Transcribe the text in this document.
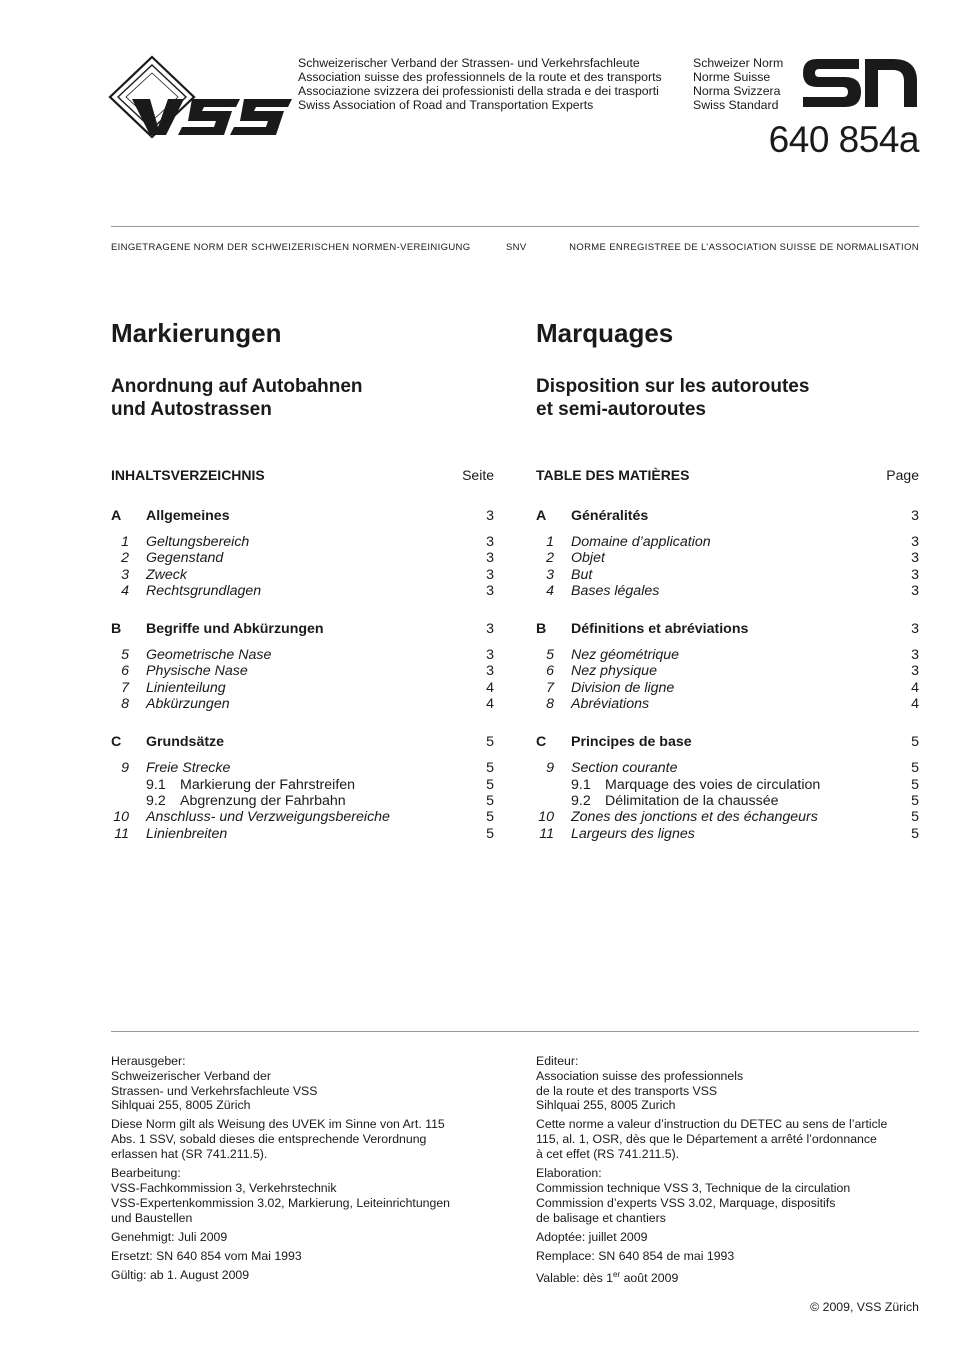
Schweizerischer Verband der Strassen- und Verkehrsfachleute
Association suisse des professionnels de la route et des transports
Associazione svizzera dei professionisti della strada e dei trasporti
Swiss Association of Road and Transportation Experts
Schweizer Norm
Norme Suisse
Norma Svizzera
Swiss Standard
640 854a
EINGETRAGENE NORM DER SCHWEIZERISCHEN NORMEN-VEREINIGUNG	SNV	NORME ENREGISTREE DE L’ASSOCIATION SUISSE DE NORMALISATION
Markierungen
Anordnung auf Autobahnen
und Autostrassen
INHALTSVERZEICHNIS	Seite
A Allgemeines	3
1 Geltungsbereich	3
2 Gegenstand	3
3 Zweck	3
4 Rechtsgrundlagen	3
B Begriffe und Abkürzungen	3
5 Geometrische Nase	3
6 Physische Nase	3
7 Linienteilung	4
8 Abkürzungen	4
C Grundsätze	5
9 Freie Strecke	5
9.1 Markierung der Fahrstreifen	5
9.2 Abgrenzung der Fahrbahn	5
10 Anschluss- und Verzweigungsbereiche	5
11 Linienbreiten	5
Marquages
Disposition sur les autoroutes
et semi-autoroutes
TABLE DES MATIÈRES	Page
A Généralités	3
1 Domaine d’application	3
2 Objet	3
3 But	3
4 Bases légales	3
B Définitions et abréviations	3
5 Nez géométrique	3
6 Nez physique	3
7 Division de ligne	4
8 Abréviations	4
C Principes de base	5
9 Section courante	5
9.1 Marquage des voies de circulation	5
9.2 Délimitation de la chaussée	5
10 Zones des jonctions et des échangeurs	5
11 Largeurs des lignes	5

Herausgeber:
Schweizerischer Verband der
Strassen- und Verkehrsfachleute VSS
Sihlquai 255, 8005 Zürich

Diese Norm gilt als Weisung des UVEK im Sinne von Art. 115
Abs. 1 SSV, sobald dieses die entsprechende Verordnung
erlassen hat (SR 741.211.5).

Bearbeitung:
VSS-Fachkommission 3, Verkehrstechnik
VSS-Expertenkommission 3.02, Markierung, Leiteinrichtungen
und Baustellen

Genehmigt: Juli 2009

Ersetzt: SN 640 854 vom Mai 1993

Gültig: ab 1. August 2009

Editeur:
Association suisse des professionnels
de la route et des transports VSS
Sihlquai 255, 8005 Zurich

Cette norme a valeur d’instruction du DETEC au sens de l’article
115, al. 1, OSR, dès que le Département a arrêté l’ordonnance
à cet effet (RS 741.211.5).

Elaboration:
Commission technique VSS 3, Technique de la circulation
Commission d’experts VSS 3.02, Marquage, dispositifs
de balisage et chantiers

Adoptée: juillet 2009

Remplace: SN 640 854 de mai 1993

Valable: dès 1er août 2009

© 2009, VSS Zürich
